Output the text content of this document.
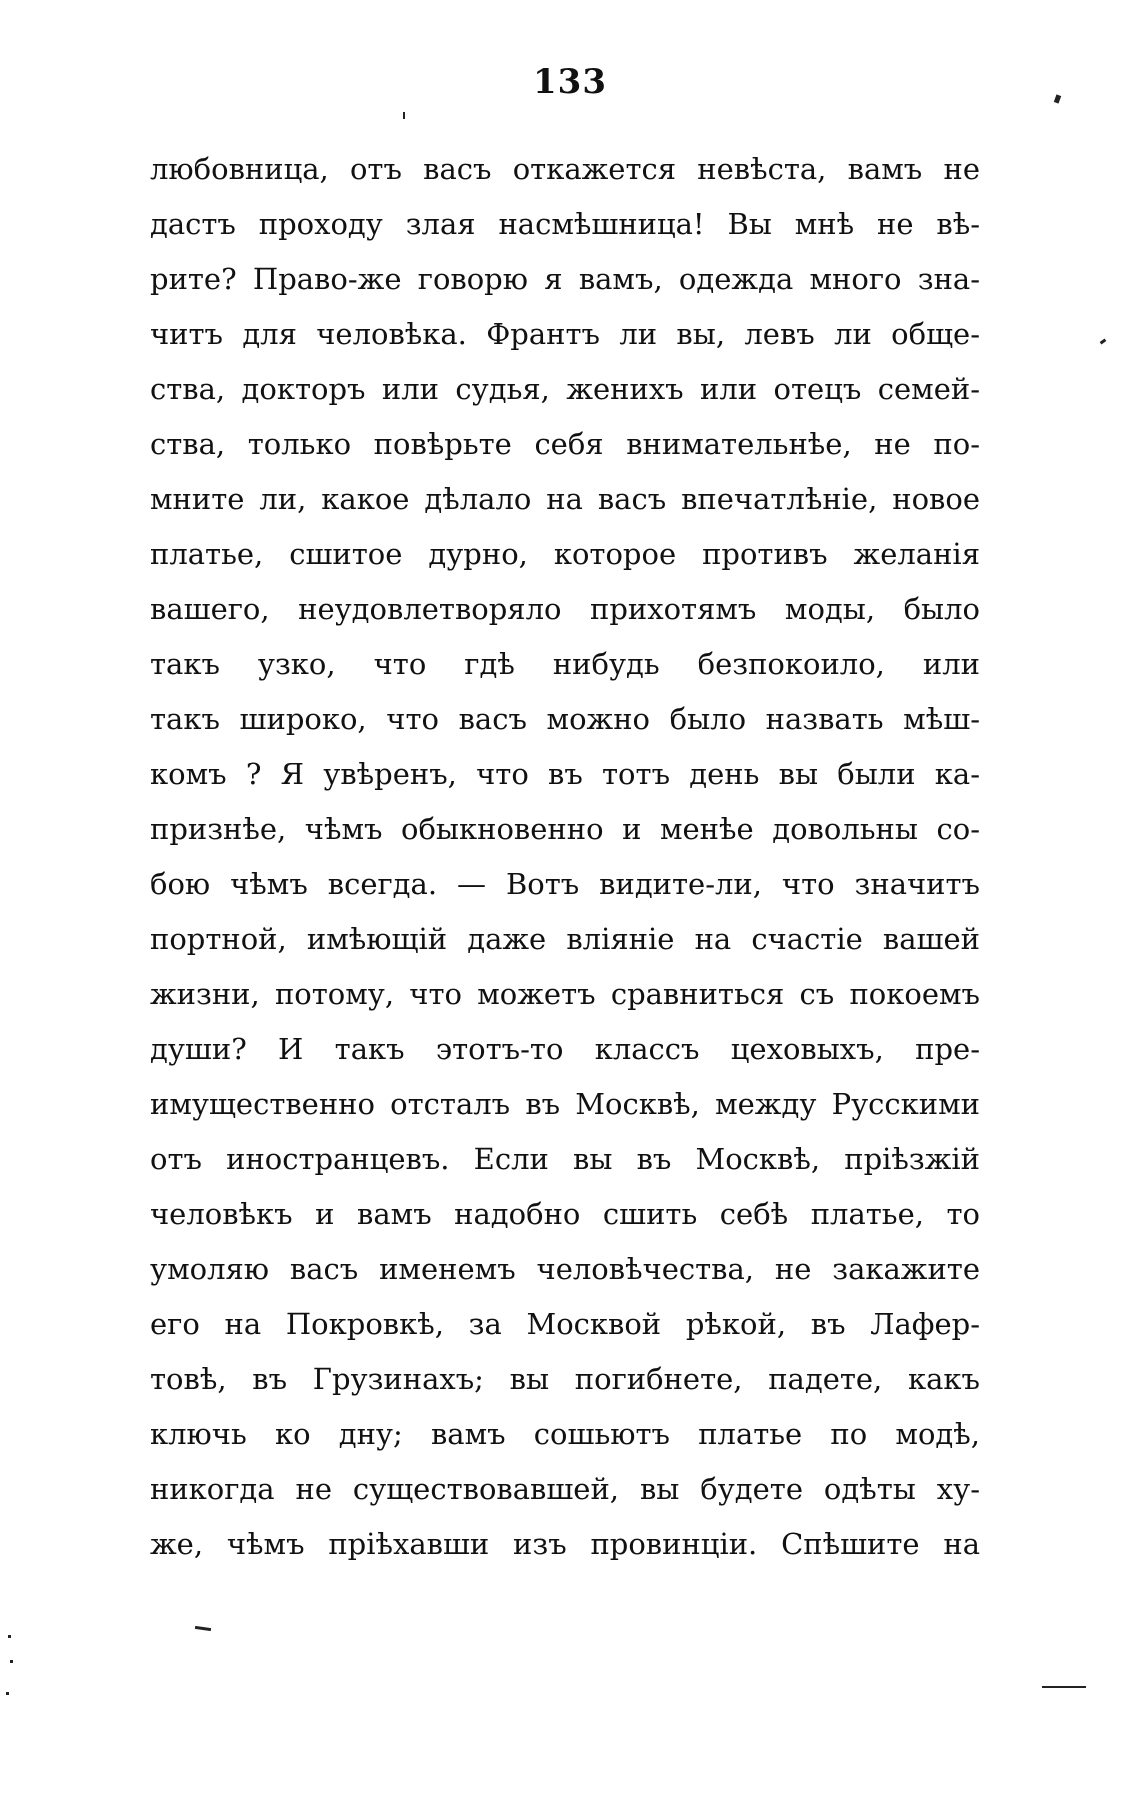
133
любовница, отъ васъ откажется невѣста, вамъ не
дастъ проходу злая насмѣшница! Вы мнѣ не вѣ-
рите? Право-же говорю я вамъ, одежда много зна-
читъ для человѣка. Франтъ ли вы, левъ ли обще-
ства, докторъ или судья, женихъ или отецъ семей-
ства, только повѣрьте себя внимательнѣе, не по-
мните ли, какое дѣлало на васъ впечатлѣніе, новое
платье, сшитое дурно, которое противъ желанія
вашего, неудовлетворяло прихотямъ моды, было
такъ узко, что гдѣ нибудь безпокоило, или
такъ широко, что васъ можно было назвать мѣш-
комъ ? Я увѣренъ, что въ тотъ день вы были ка-
признѣе, чѣмъ обыкновенно и менѣе довольны со-
бою чѣмъ всегда. — Вотъ видите-ли, что значитъ
портной, имѣющій даже вліяніе на счастіе вашей
жизни, потому, что можетъ сравниться съ покоемъ
души? И такъ этотъ-то классъ цеховыхъ, пре-
имущественно отсталъ въ Москвѣ, между Русскими
отъ иностранцевъ. Если вы въ Москвѣ, пріѣзжій
человѣкъ и вамъ надобно сшить себѣ платье, то
умоляю васъ именемъ человѣчества, не закажите
его на Покровкѣ, за Москвой рѣкой, въ Лафер-
товѣ, въ Грузинахъ; вы погибнете, падете, какъ
ключь ко дну; вамъ сошьютъ платье по модѣ,
никогда не существовавшей, вы будете одѣты ху-
же, чѣмъ пріѣхавши изъ провинціи. Спѣшите на
